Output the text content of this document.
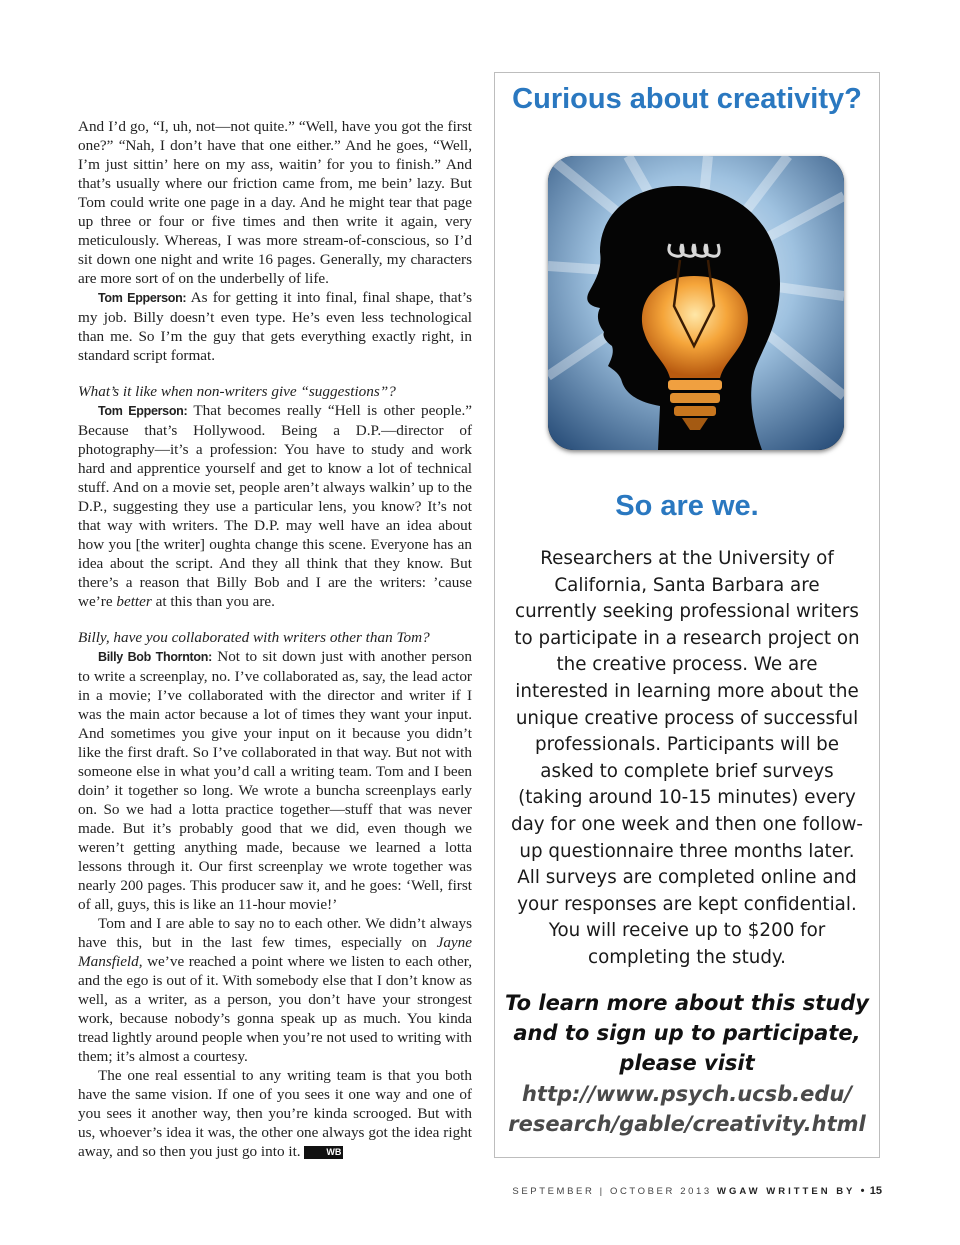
And I’d go, “I, uh, not—not quite.” “Well, have you got the first one?” “Nah, I don’t have that one either.” And he goes, “Well, I’m just sittin’ here on my ass, waitin’ for you to finish.” And that’s usually where our friction came from, me bein’ lazy. But Tom could write one page in a day. And he might tear that page up three or four or five times and then write it again, very meticulously. Whereas, I was more stream-of-conscious, so I’d sit down one night and write 16 pages. Generally, my characters are more sort of on the underbelly of life.

Tom Epperson: As for getting it into final, final shape, that’s my job. Billy doesn’t even type. He’s even less technological than me. So I’m the guy that gets everything exactly right, in standard script format.

What’s it like when non-writers give “suggestions”?

Tom Epperson: That becomes really “Hell is other people.” Because that’s Hollywood. Being a D.P.—director of photography—it’s a profession: You have to study and work hard and apprentice yourself and get to know a lot of technical stuff. And on a movie set, people aren’t always walkin’ up to the D.P., suggesting they use a particular lens, you know? It’s not that way with writers. The D.P. may well have an idea about how you [the writer] oughta change this scene. Everyone has an idea about the script. And they all think that they know. But there’s a reason that Billy Bob and I are the writers: ’cause we’re better at this than you are.

Billy, have you collaborated with writers other than Tom?

Billy Bob Thornton: Not to sit down just with another person to write a screenplay, no. I’ve collaborated as, say, the lead actor in a movie; I’ve collaborated with the director and writer if I was the main actor because a lot of times they want your input. And sometimes you give your input on it because you didn’t like the first draft. So I’ve collaborated in that way. But not with someone else in what you’d call a writing team. Tom and I been doin’ it together so long. We wrote a buncha screenplays early on. So we had a lotta practice together—stuff that was never made. But it’s probably good that we did, even though we weren’t getting anything made, because we learned a lotta lessons through it. Our first screenplay we wrote together was nearly 200 pages. This producer saw it, and he goes: ‘Well, first of all, guys, this is like an 11-hour movie!’

Tom and I are able to say no to each other. We didn’t always have this, but in the last few times, especially on Jayne Mansfield, we’ve reached a point where we listen to each other, and the ego is out of it. With somebody else that I don’t know as well, as a writer, as a person, you don’t have your strongest work, because nobody’s gonna speak up as much. You kinda tread lightly around people when you’re not used to writing with them; it’s almost a courtesy.

The one real essential to any writing team is that you both have the same vision. If one of you sees it one way and one of you sees it another way, then you’re kinda scrooged. But with us, whoever’s idea it was, the other one always got the idea right away, and so then you just go into it.	WB

Curious about creativity?
So are we.
Researchers at the University of California, Santa Barbara are currently seeking professional writers to participate in a research project on the creative process. We are interested in learning more about the unique creative process of successful professionals. Participants will be asked to complete brief surveys (taking around 10-15 minutes) every day for one week and then one follow-up questionnaire three months later. All surveys are completed online and your responses are kept confidential. You will receive up to $200 for completing the study.
To learn more about this study and to sign up to participate, please visit
http://www.psych.ucsb.edu/
research/gable/creativity.html
SEPTEMBER | OCTOBER 2013 WGAW WRITTEN BY • 15
